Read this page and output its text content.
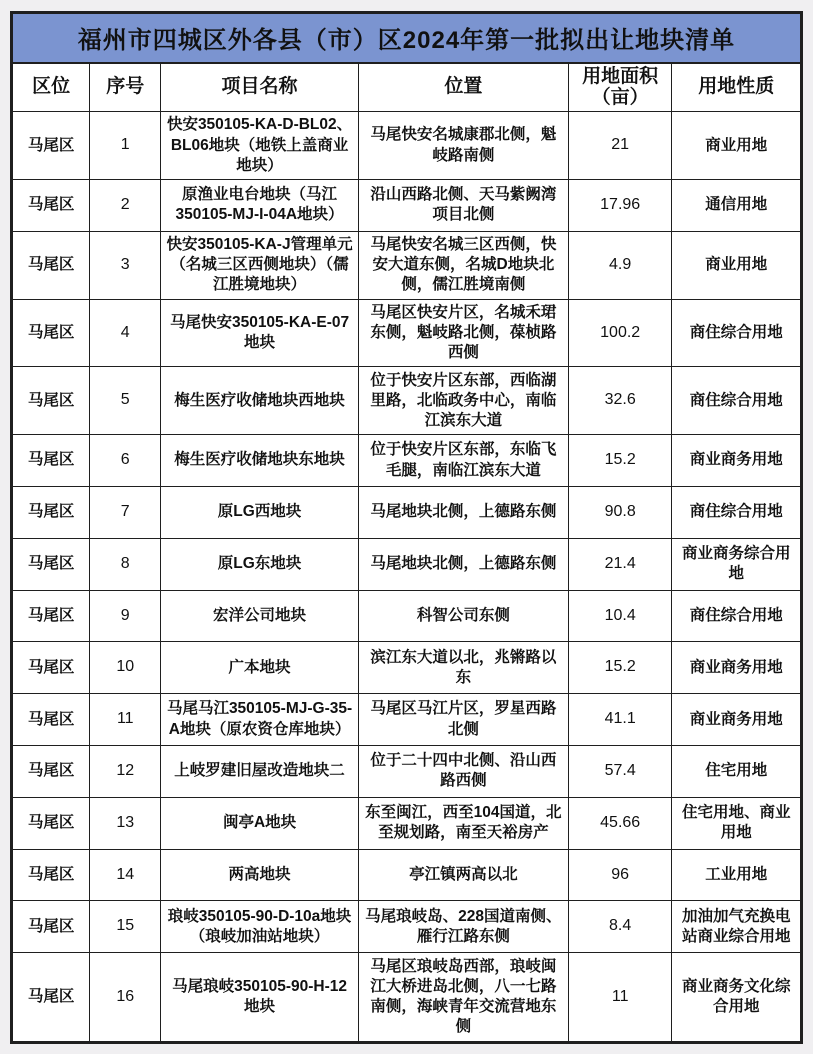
福州市四城区外各县（市）区2024年第一批拟出让地块清单					
区位	序号	项目名称	位置	用地面积（亩）	用地性质
马尾区	1	快安350105-KA-D-BL02、BL06地块（地铁上盖商业地块）	马尾快安名城康郡北侧，魁岐路南侧	21	商业用地
马尾区	2	原渔业电台地块（马江350105-MJ-I-04A地块）	沿山西路北侧、天马紫阙湾项目北侧	17.96	通信用地
马尾区	3	快安350105-KA-J管理单元（名城三区西侧地块）（儒江胜境地块）	马尾快安名城三区西侧，快安大道东侧，名城D地块北侧，儒江胜境南侧	4.9	商业用地
马尾区	4	马尾快安350105-KA-E-07地块	马尾区快安片区，名城禾珺东侧，魁岐路北侧，葆桢路西侧	100.2	商住综合用地
马尾区	5	梅生医疗收储地块西地块	位于快安片区东部，西临湖里路，北临政务中心，南临江滨东大道	32.6	商住综合用地
马尾区	6	梅生医疗收储地块东地块	位于快安片区东部，东临飞毛腿，南临江滨东大道	15.2	商业商务用地
马尾区	7	原LG西地块	马尾地块北侧，上德路东侧	90.8	商住综合用地
马尾区	8	原LG东地块	马尾地块北侧，上德路东侧	21.4	商业商务综合用地
马尾区	9	宏洋公司地块	科智公司东侧	10.4	商住综合用地
马尾区	10	广本地块	滨江东大道以北，兆锵路以东	15.2	商业商务用地
马尾区	11	马尾马江350105-MJ-G-35-A地块（原农资仓库地块）	马尾区马江片区，罗星西路北侧	41.1	商业商务用地
马尾区	12	上岐罗建旧屋改造地块二	位于二十四中北侧、沿山西路西侧	57.4	住宅用地
马尾区	13	闽亭A地块	东至闽江，西至104国道，北至规划路，南至天裕房产	45.66	住宅用地、商业用地
马尾区	14	两高地块	亭江镇两高以北	96	工业用地
马尾区	15	琅岐350105-90-D-10a地块（琅岐加油站地块）	马尾琅岐岛、228国道南侧、雁行江路东侧	8.4	加油加气充换电站商业综合用地
马尾区	16	马尾琅岐350105-90-H-12地块	马尾区琅岐岛西部，琅岐闽江大桥进岛北侧，八一七路南侧，海峡青年交流营地东侧	11	商业商务文化综合用地
